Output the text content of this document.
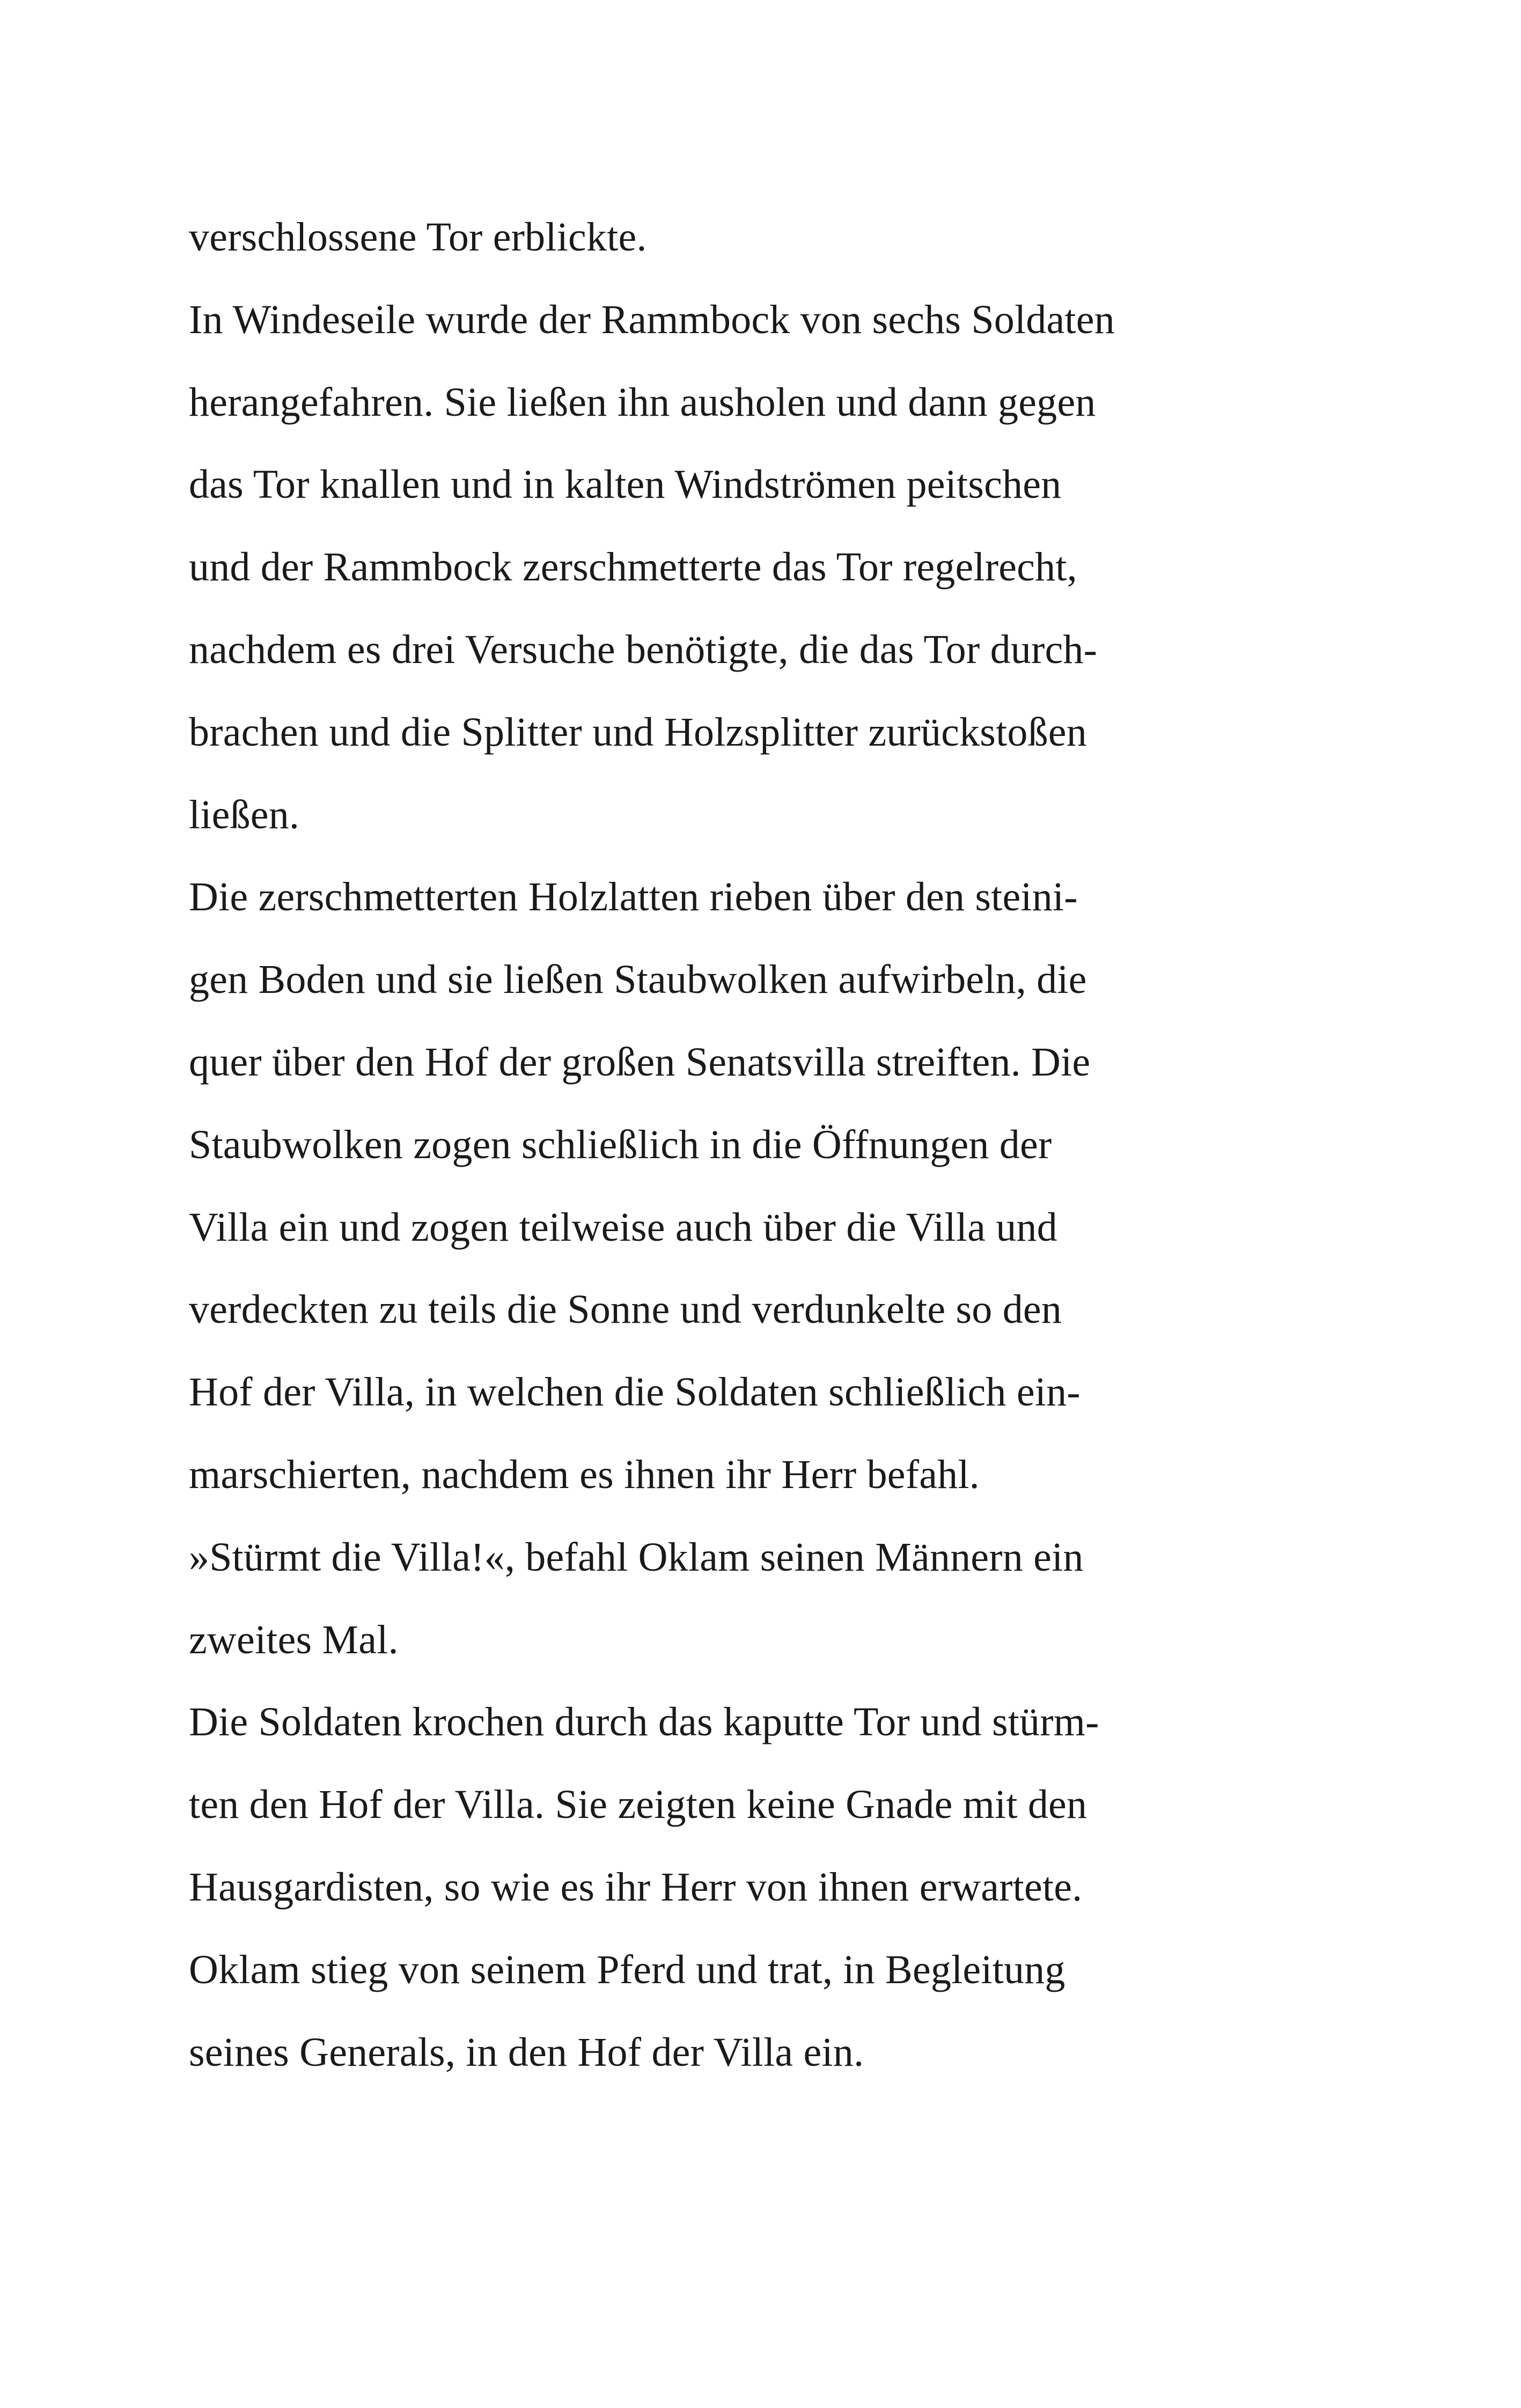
verschlossene Tor erblickte.
In Windeseile wurde der Rammbock von sechs Soldaten
herangefahren. Sie ließen ihn ausholen und dann gegen
das Tor knallen und in kalten Windströmen peitschen
und der Rammbock zerschmetterte das Tor regelrecht,
nachdem es drei Versuche benötigte, die das Tor durch-
brachen und die Splitter und Holzsplitter zurückstoßen
ließen.
Die zerschmetterten Holzlatten rieben über den steini-
gen Boden und sie ließen Staubwolken aufwirbeln, die
quer über den Hof der großen Senatsvilla streiften. Die
Staubwolken zogen schließlich in die Öffnungen der
Villa ein und zogen teilweise auch über die Villa und
verdeckten zu teils die Sonne und verdunkelte so den
Hof der Villa, in welchen die Soldaten schließlich ein-
marschierten, nachdem es ihnen ihr Herr befahl.
»Stürmt die Villa!«, befahl Oklam seinen Männern ein
zweites Mal.
Die Soldaten krochen durch das kaputte Tor und stürm-
ten den Hof der Villa. Sie zeigten keine Gnade mit den
Hausgardisten, so wie es ihr Herr von ihnen erwartete.
Oklam stieg von seinem Pferd und trat, in Begleitung
seines Generals, in den Hof der Villa ein.
